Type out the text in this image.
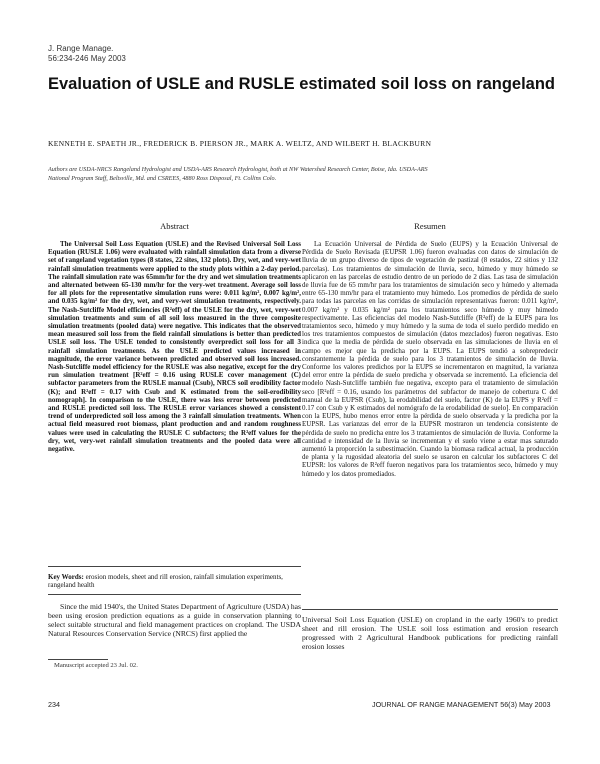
J. Range Manage.
56:234-246 May 2003
Evaluation of USLE and RUSLE estimated soil loss on rangeland
KENNETH E. SPAETH JR., FREDERICK B. PIERSON JR., MARK A. WELTZ, AND WILBERT H. BLACKBURN
Authors are USDA-NRCS Rangeland Hydrologist and USDA-ARS Research Hydrologist, both at NW Watershed Research Center, Boise, Ida. USDA-ARS
National Program Staff, Beltsville, Md. and CSREES, 4880 Ross Disposal, Ft. Collins Colo.
Abstract	Resumen

The Universal Soil Loss Equation (USLE) and the Revised Universal Soil Loss Equation (RUSLE 1.06) were evaluated with rainfall simulation data from a diverse set of rangeland vegetation types (8 states, 22 sites, 132 plots). Dry, wet, and very-wet rainfall simulation treatments were applied to the study plots within a 2-day period. The rainfall simulation rate was 65mm/hr for the dry and wet simulation treatments and alternated between 65-130 mm/hr for the very-wet treatment. Average soil loss for all plots for the representative simulation runs were: 0.011 kg/m², 0.007 kg/m², and 0.035 kg/m² for the dry, wet, and very-wet simulation treatments, respectively. The Nash-Sutcliffe Model efficiencies (R²eff) of the USLE for the dry, wet, very-wet simulation treatments and sum of all soil loss measured in the three composite simulation treatments (pooled data) were negative. This indicates that the observed mean measured soil loss from the field rainfall simulations is better than predicted USLE soil loss. The USLE tended to consistently overpredict soil loss for all 3 rainfall simulation treatments. As the USLE predicted values increased in magnitude, the error variance between predicted and observed soil loss increased. Nash-Sutcliffe model efficiency for the RUSLE was also negative, except for the dry run simulation treatment [R²eff = 0.16 using RUSLE cover management (C) subfactor parameters from the RUSLE manual (Csub), NRCS soil erodibility factor (K); and R²eff = 0.17 with Csub and K estimated from the soil-erodibility nomograph]. In comparison to the USLE, there was less error between predicted and RUSLE predicted soil loss. The RUSLE error variances showed a consistent trend of underpredicted soil loss among the 3 rainfall simulation treatments. When actual field measured root biomass, plant production and and random roughness values were used in calculating the RUSLE C subfactors; the R²eff values for the dry, wet, very-wet rainfall simulation treatments and the pooled data were all negative.

La Ecuación Universal de Pérdida de Suelo (EUPS) y la Ecuación Universal de Pérdida de Suelo Revisada (EUPSR 1.06) fueron evaluadas con datos de simulación de lluvia de un grupo diverso de tipos de vegetación de pastizal (8 estados, 22 sitios y 132 parcelas). Los tratamientos de simulación de lluvia, seco, húmedo y muy húmedo se aplicaron en las parcelas de estudio dentro de un período de 2 días. Las tasa de simulación de lluvia fue de 65 mm/hr para los tratamientos de simulación seco y húmedo y alternada entre 65-130 mm/hr para el tratamiento muy húmedo. Los promedios de pérdida de suelo para todas las parcelas en las corridas de simulación representativas fueron: 0.011 kg/m², 0.007 kg/m² y 0.035 kg/m² para los tratamientos seco húmedo y muy húmedo respectivamente. Las eficiencias del modelo Nash-Sutcliffe (R²eff) de la EUPS para los tratamientos seco, húmedo y muy húmedo y la suma de toda el suelo perdido medido en los tres tratamientos compuestos de simulación (datos mezclados) fueron negativas. Esto indica que la media de pérdida de suelo observada en las simulaciones de lluvia en el campo es mejor que la predicha por la EUPS. La EUPS tendió a sobrepredecir constantemente la pérdida de suelo para los 3 tratamientos de simulación de lluvia. Conforme los valores predichos por la EUPS se incrementaron en magnitud, la varianza del error entre la pérdida de suelo predicha y observada se incrementó. La eficiencia del modelo Nash-Sutcliffe también fue negativa, excepto para el tratamiento de simulación seco [R²eff = 0.16, usando los parámetros del subfactor de manejo de cobertura C del manual de la EUPSR (Csub), la erodabilidad del suelo, factor (K) de la EUPS y R²eff = 0.17 con Csub y K estimados del nomógrafo de la erodabilidad de suelo]. En comparación con la EUPS, hubo menos error entre la pérdida de suelo observada y la predicha por la EUPSR. Las varianzas del error de la EUPSR mostraron un tendencia consistente de pérdida de suelo no predicha entre los 3 tratamientos de simulación de lluvia. Conforme la cantidad e intensidad de la lluvia se incrementan y el suelo viene a estar mas saturado aumentó la proporción la subestimación. Cuando la biomasa radical actual, la producción de planta y la rugosidad aleatoria del suelo se usaron en calcular los subfactores C del EUPSR: los valores de R²eff fueron negativos para los tratamientos seco, húmedo y muy húmedo y los datos promediados.

Key Words: erosion models, sheet and rill erosion, rainfall simulation experiments, rangeland health

Since the mid 1940's, the United States Department of Agriculture (USDA) has been using erosion prediction equations as a guide in conservation planning to select suitable structural and field management practices on cropland. The USDA Natural Resources Conservation Service (NRCS) first applied the

Universal Soil Loss Equation (USLE) on cropland in the early 1960's to predict sheet and rill erosion. The USLE soil loss estimation and erosion research progressed with 2 Agricultural Handbook publications for predicting rainfall erosion losses

Manuscript accepted 23 Jul. 02.
234	JOURNAL OF RANGE MANAGEMENT 56(3) May 2003
